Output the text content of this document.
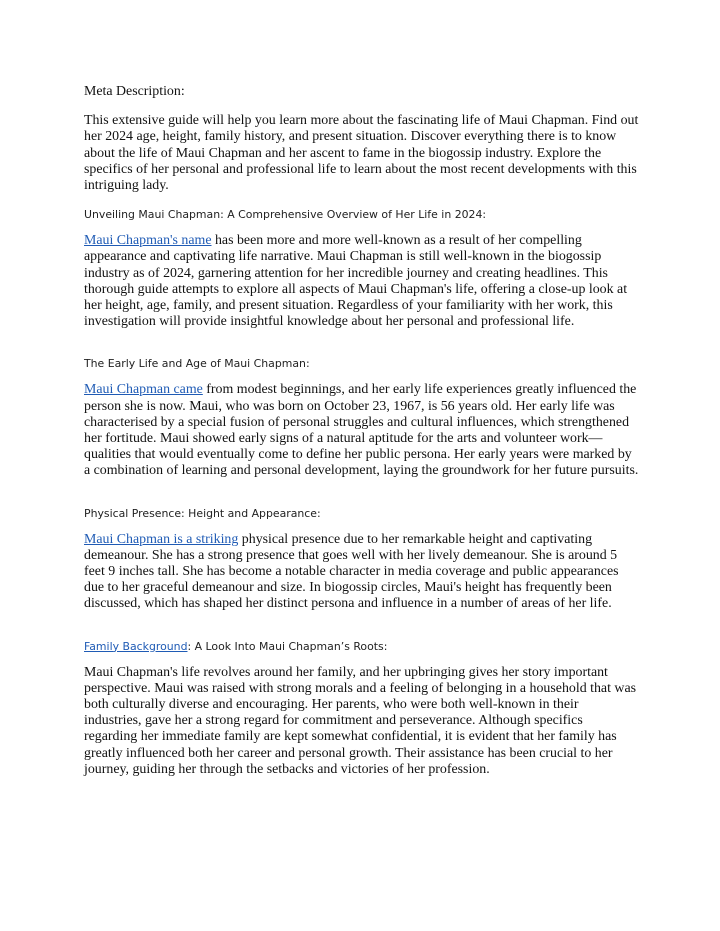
Meta Description:

This extensive guide will help you learn more about the fascinating life of Maui Chapman. Find out her 2024 age, height, family history, and present situation. Discover everything there is to know about the life of Maui Chapman and her ascent to fame in the biogossip industry. Explore the specifics of her personal and professional life to learn about the most recent developments with this intriguing lady.

Unveiling Maui Chapman: A Comprehensive Overview of Her Life in 2024:

Maui Chapman's name has been more and more well-known as a result of her compelling appearance and captivating life narrative. Maui Chapman is still well-known in the biogossip industry as of 2024, garnering attention for her incredible journey and creating headlines. This thorough guide attempts to explore all aspects of Maui Chapman's life, offering a close-up look at her height, age, family, and present situation. Regardless of your familiarity with her work, this investigation will provide insightful knowledge about her personal and professional life.

The Early Life and Age of Maui Chapman:

Maui Chapman came from modest beginnings, and her early life experiences greatly influenced the person she is now. Maui, who was born on October 23, 1967, is 56 years old. Her early life was characterised by a special fusion of personal struggles and cultural influences, which strengthened her fortitude. Maui showed early signs of a natural aptitude for the arts and volunteer work—qualities that would eventually come to define her public persona. Her early years were marked by a combination of learning and personal development, laying the groundwork for her future pursuits.

Physical Presence: Height and Appearance:

Maui Chapman is a striking physical presence due to her remarkable height and captivating demeanour. She has a strong presence that goes well with her lively demeanour. She is around 5 feet 9 inches tall. She has become a notable character in media coverage and public appearances due to her graceful demeanour and size. In biogossip circles, Maui's height has frequently been discussed, which has shaped her distinct persona and influence in a number of areas of her life.

Family Background: A Look Into Maui Chapman’s Roots:

Maui Chapman's life revolves around her family, and her upbringing gives her story important perspective. Maui was raised with strong morals and a feeling of belonging in a household that was both culturally diverse and encouraging. Her parents, who were both well-known in their industries, gave her a strong regard for commitment and perseverance. Although specifics regarding her immediate family are kept somewhat confidential, it is evident that her family has greatly influenced both her career and personal growth. Their assistance has been crucial to her journey, guiding her through the setbacks and victories of her profession.
